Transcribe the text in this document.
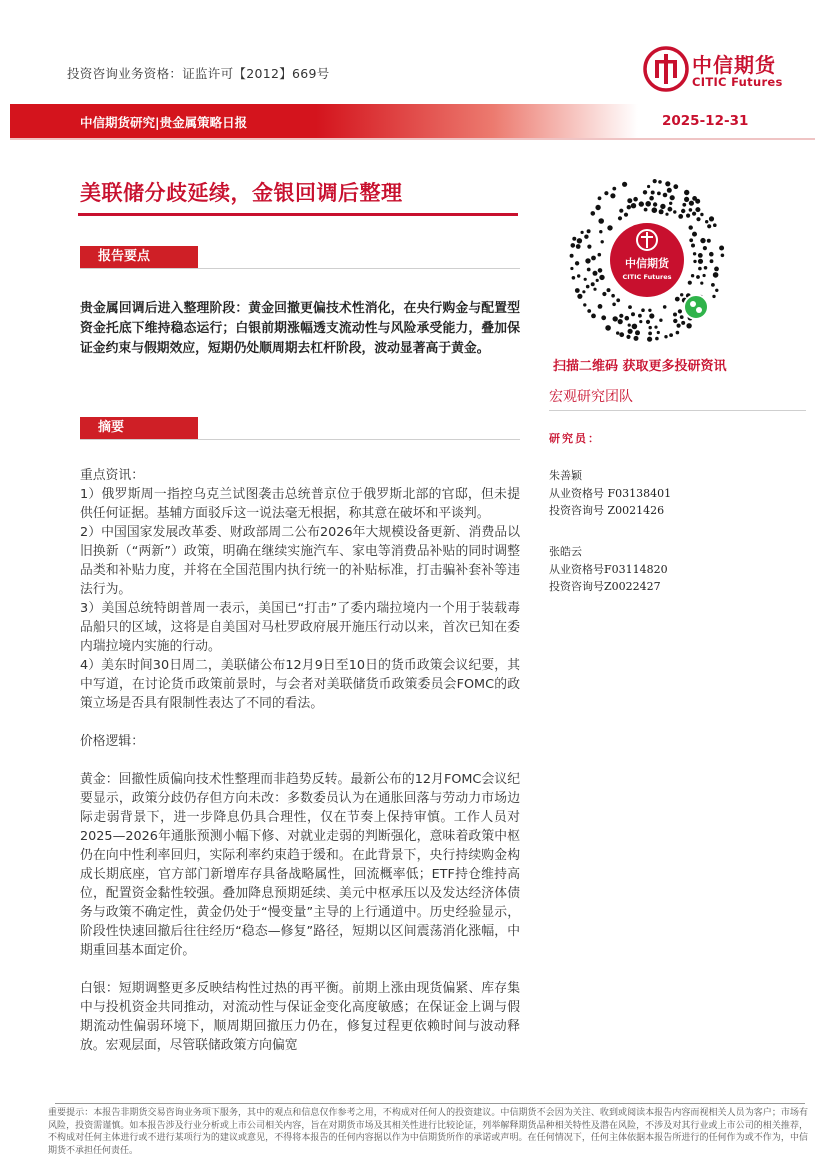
投资咨询业务资格：证监许可【2012】669号	中信期货
CITIC Futures
中信期货研究|贵金属策略日报	2025-12-31
美联储分歧延续，金银回调后整理
报告要点
贵金属回调后进入整理阶段：黄金回撤更偏技术性消化，在央行购金与配置型资金托底下维持稳态运行；白银前期涨幅透支流动性与风险承受能力，叠加保证金约束与假期效应，短期仍处顺周期去杠杆阶段，波动显著高于黄金。
摘要

重点资讯：

1）俄罗斯周一指控乌克兰试图袭击总统普京位于俄罗斯北部的官邸，但未提供任何证据。基辅方面驳斥这一说法毫无根据，称其意在破坏和平谈判。

2）中国国家发展改革委、财政部周二公布2026年大规模设备更新、消费品以旧换新（“两新”）政策，明确在继续实施汽车、家电等消费品补贴的同时调整品类和补贴力度，并将在全国范围内执行统一的补贴标准，打击骗补套补等违法行为。

3）美国总统特朗普周一表示，美国已“打击”了委内瑞拉境内一个用于装载毒品船只的区域，这将是自美国对马杜罗政府展开施压行动以来，首次已知在委内瑞拉境内实施的行动。

4）美东时间30日周二，美联储公布12月9日至10日的货币政策会议纪要，其中写道，在讨论货币政策前景时，与会者对美联储货币政策委员会FOMC的政策立场是否具有限制性表达了不同的看法。

价格逻辑：

黄金：回撤性质偏向技术性整理而非趋势反转。最新公布的12月FOMC会议纪要显示，政策分歧仍存但方向未改：多数委员认为在通胀回落与劳动力市场边际走弱背景下，进一步降息仍具合理性，仅在节奏上保持审慎。工作人员对2025—2026年通胀预测小幅下修、对就业走弱的判断强化，意味着政策中枢仍在向中性利率回归，实际利率约束趋于缓和。在此背景下，央行持续购金构成长期底座，官方部门新增库存具备战略属性，回流概率低；ETF持仓维持高位，配置资金黏性较强。叠加降息预期延续、美元中枢承压以及发达经济体债务与政策不确定性，黄金仍处于“慢变量”主导的上行通道中。历史经验显示，阶段性快速回撤后往往经历“稳态—修复”路径，短期以区间震荡消化涨幅，中期重回基本面定价。

白银：短期调整更多反映结构性过热的再平衡。前期上涨由现货偏紧、库存集中与投机资金共同推动，对流动性与保证金变化高度敏感；在保证金上调与假期流动性偏弱环境下，顺周期回撤压力仍在，修复过程更依赖时间与波动释放。宏观层面，尽管联储政策方向偏宽

中信期货
CITIC Futures
扫描二维码 获取更多投研资讯
宏观研究团队
研究员：
朱善颖
从业资格号 F03138401
投资咨询号 Z0021426
张皓云
从业资格号F03114820
投资咨询号Z0022427
重要提示：本报告非期货交易咨询业务项下服务，其中的观点和信息仅作参考之用，不构成对任何人的投资建议。中信期货不会因为关注、收到或阅读本报告内容而视相关人员为客户；市场有风险，投资需谨慎。如本报告涉及行业分析或上市公司相关内容，旨在对期货市场及其相关性进行比较论证，列举解释期货品种相关特性及潜在风险，不涉及对其行业或上市公司的相关推荐，不构成对任何主体进行或不进行某项行为的建议或意见，不得将本报告的任何内容据以作为中信期货所作的承诺或声明。在任何情况下，任何主体依据本报告所进行的任何作为或不作为，中信期货不承担任何责任。
